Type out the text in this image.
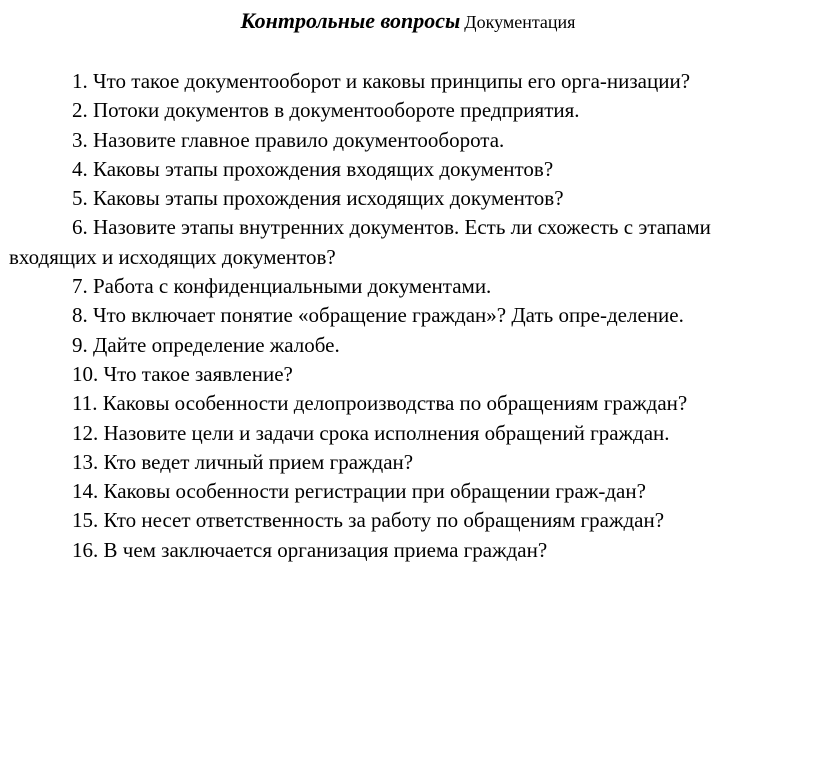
Контрольные вопросы Документация

1. Что такое документооборот и каковы принципы его орга-низации?

2. Потоки документов в документообороте предприятия.

3. Назовите главное правило документооборота.

4. Каковы этапы прохождения входящих документов?

5. Каковы этапы прохождения исходящих документов?

6. Назовите этапы внутренних документов. Есть ли схожесть с этапами входящих и исходящих документов?

7. Работа с конфиденциальными документами.

8. Что включает понятие «обращение граждан»? Дать опре-деление.

9. Дайте определение жалобе.

10. Что такое заявление?

11. Каковы особенности делопроизводства по обращениям граждан?

12. Назовите цели и задачи срока исполнения обращений граждан.

13. Кто ведет личный прием граждан?

14. Каковы особенности регистрации при обращении граж-дан?

15. Кто несет ответственность за работу по обращениям граждан?

16. В чем заключается организация приема граждан?
